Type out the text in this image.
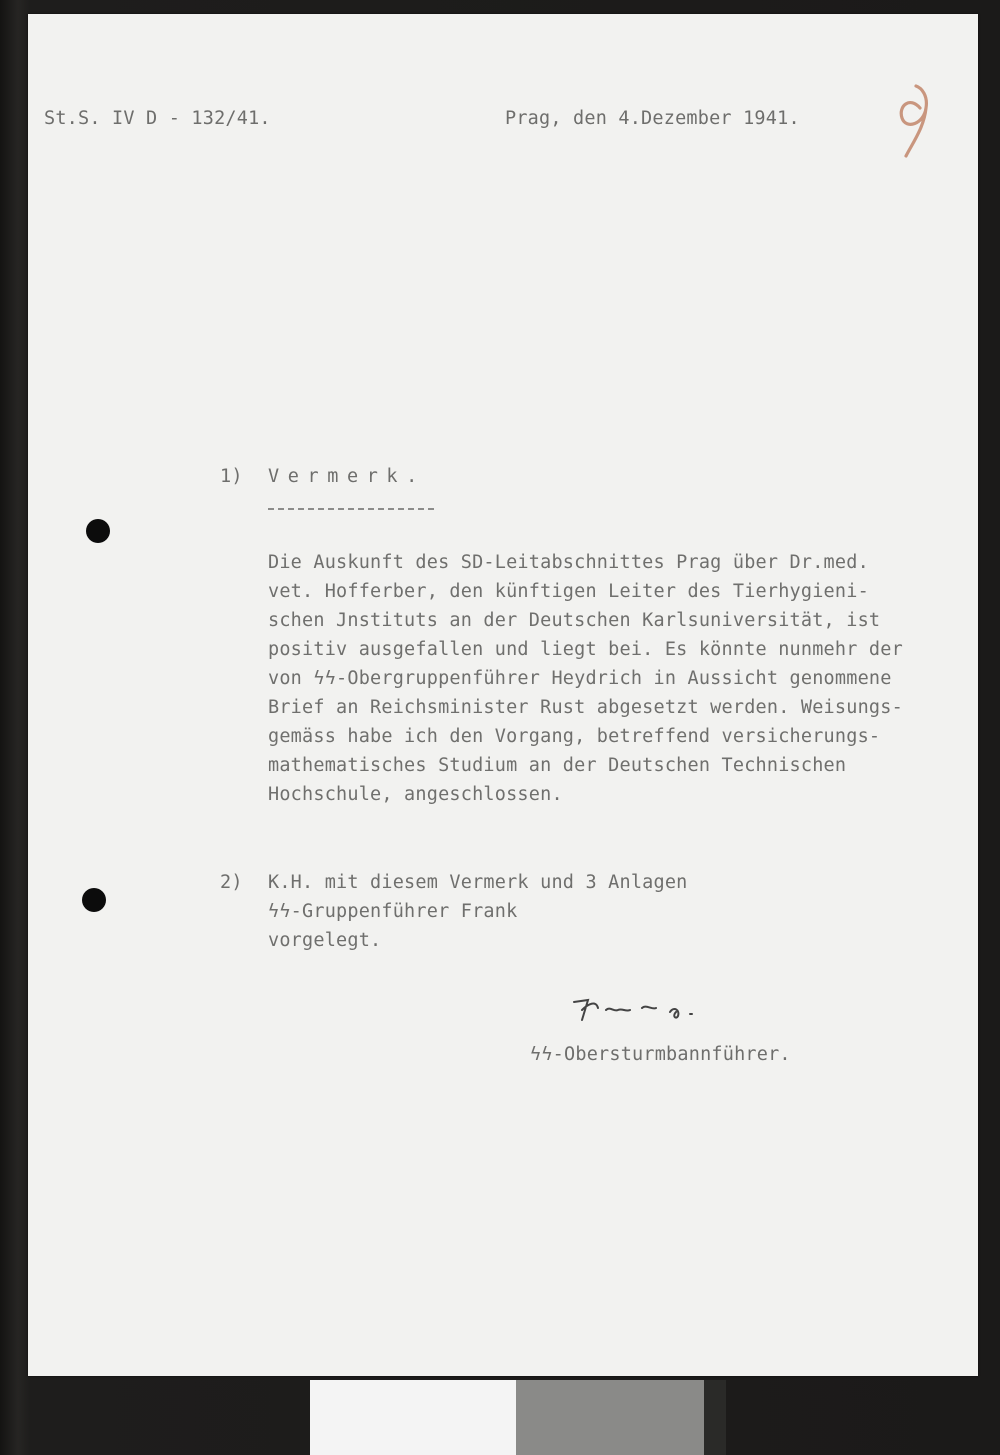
St.S. IV D - 132/41.	Prag, den 4.Dezember 1941.
9
1) Vermerk.
Die Auskunft des SD-Leitabschnittes Prag über Dr.med.
vet. Hofferber, den künftigen Leiter des Tierhygieni-
schen Jnstituts an der Deutschen Karlsuniversität, ist
positiv ausgefallen und liegt bei. Es könnte nunmehr der
von ϟϟ-Obergruppenführer Heydrich in Aussicht genommene
Brief an Reichsminister Rust abgesetzt werden. Weisungs-
gemäss habe ich den Vorgang, betreffend versicherungs-
mathematisches Studium an der Deutschen Technischen
Hochschule, angeschlossen.
2) K.H. mit diesem Vermerk und 3 Anlagen
ϟϟ-Gruppenführer Frank
vorgelegt.
ϟϟ-Obersturmbannführer.
